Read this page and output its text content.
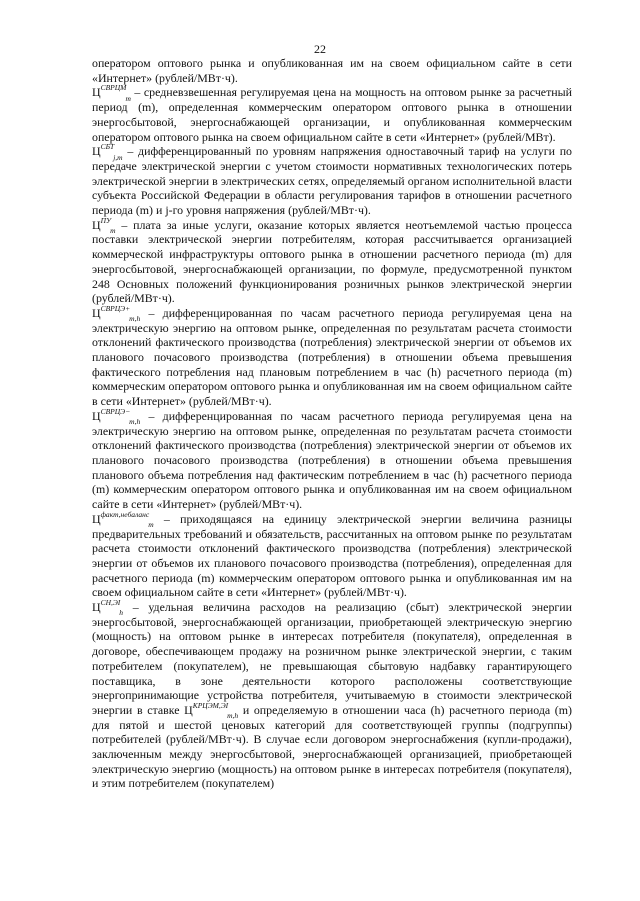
22

оператором оптового рынка и опубликованная им на своем официальном сайте в сети «Интернет» (рублей/МВт·ч).

$Ц^{СВРЦМ}_m$ – средневзвешенная регулируемая цена на мощность на оптовом рынке за расчетный период (m), определенная коммерческим оператором оптового рынка в отношении энергосбытовой, энергоснабжающей организации, и опубликованная коммерческим оператором оптового рынка на своем официальном сайте в сети «Интернет» (рублей/МВт).

$Ц^{СБТ}_{j,m}$ – дифференцированный по уровням напряжения одноставочный тариф на услуги по передаче электрической энергии с учетом стоимости нормативных технологических потерь электрической энергии в электрических сетях, определяемый органом исполнительной власти субъекта Российской Федерации в области регулирования тарифов в отношении расчетного периода (m) и j-го уровня напряжения (рублей/МВт·ч).

$Ц^{ПУ}_m$ – плата за иные услуги, оказание которых является неотъемлемой частью процесса поставки электрической энергии потребителям, которая рассчитывается организацией коммерческой инфраструктуры оптового рынка в отношении расчетного периода (m) для энергосбытовой, энергоснабжающей организации, по формуле, предусмотренной пунктом 248 Основных положений функционирования розничных рынков электрической энергии (рублей/МВт·ч).

$Ц^{СВРЦЭ+}_{m,h}$ – дифференцированная по часам расчетного периода регулируемая цена на электрическую энергию на оптовом рынке, определенная по результатам расчета стоимости отклонений фактического производства (потребления) электрической энергии от объемов их планового почасового производства (потребления) в отношении объема превышения фактического потребления над плановым потреблением в час (h) расчетного периода (m) коммерческим оператором оптового рынка и опубликованная им на своем официальном сайте в сети «Интернет» (рублей/МВт·ч).

$Ц^{СВРЦЭ-}_{m,h}$ – дифференцированная по часам расчетного периода регулируемая цена на электрическую энергию на оптовом рынке, определенная по результатам расчета стоимости отклонений фактического производства (потребления) электрической энергии от объемов их планового почасового производства (потребления) в отношении объема превышения планового объема потребления над фактическим потреблением в час (h) расчетного периода (m) коммерческим оператором оптового рынка и опубликованная им на своем официальном сайте в сети «Интернет» (рублей/МВт·ч).

$Ц^{факт,небаланс}_m$ – приходящаяся на единицу электрической энергии величина разницы предварительных требований и обязательств, рассчитанных на оптовом рынке по результатам расчета стоимости отклонений фактического производства (потребления) электрической энергии от объемов их планового почасового производства (потребления), определенная для расчетного периода (m) коммерческим оператором оптового рынка и опубликованная им на своем официальном сайте в сети «Интернет» (рублей/МВт·ч).

$Ц^{СН,ЭI}_h$ – удельная величина расходов на реализацию (сбыт) электрической энергии энергосбытовой, энергоснабжающей организации, приобретающей электрическую энергию (мощность) на оптовом рынке в интересах потребителя (покупателя), определенная в договоре, обеспечивающем продажу на розничном рынке электрической энергии, с таким потребителем (покупателем), не превышающая сбытовую надбавку гарантирующего поставщика, в зоне деятельности которого расположены соответствующие энергопринимающие устройства потребителя, учитываемую в стоимости электрической энергии в ставке $Ц^{КРЦЭМ,ЭI}_{m,h}$ и определяемую в отношении часа (h) расчетного периода (m) для пятой и шестой ценовых категорий для соответствующей группы (подгруппы) потребителей (рублей/МВт·ч). В случае если договором энергоснабжения (купли-продажи), заключенным между энергосбытовой, энергоснабжающей организацией, приобретающей электрическую энергию (мощность) на оптовом рынке в интересах потребителя (покупателя), и этим потребителем (покупателем)
